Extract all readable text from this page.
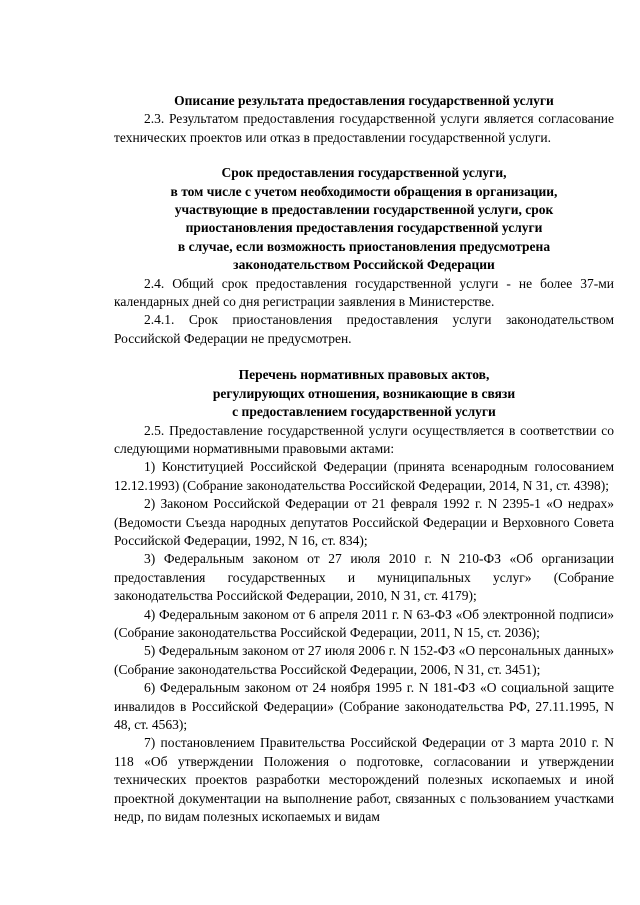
Описание результата предоставления государственной услуги

2.3. Результатом предоставления государственной услуги является согласование технических проектов или отказ в предоставлении государственной услуги.

Срок предоставления государственной услуги,
в том числе с учетом необходимости обращения в организации,
участвующие в предоставлении государственной услуги, срок
приостановления предоставления государственной услуги
в случае, если возможность приостановления предусмотрена
законодательством Российской Федерации

2.4. Общий срок предоставления государственной услуги - не более 37-ми календарных дней со дня регистрации заявления в Министерстве.

2.4.1. Срок приостановления предоставления услуги законодательством Российской Федерации не предусмотрен.

Перечень нормативных правовых актов,
регулирующих отношения, возникающие в связи
с предоставлением государственной услуги

2.5. Предоставление государственной услуги осуществляется в соответствии со следующими нормативными правовыми актами:

1) Конституцией Российской Федерации (принята всенародным голосованием 12.12.1993) (Собрание законодательства Российской Федерации, 2014, N 31, ст. 4398);

2) Законом Российской Федерации от 21 февраля 1992 г. N 2395-1 «О недрах» (Ведомости Съезда народных депутатов Российской Федерации и Верховного Совета Российской Федерации, 1992, N 16, ст. 834);

3) Федеральным законом от 27 июля 2010 г. N 210-ФЗ «Об организации предоставления государственных и муниципальных услуг» (Собрание законодательства Российской Федерации, 2010, N 31, ст. 4179);

4) Федеральным законом от 6 апреля 2011 г. N 63-ФЗ «Об электронной подписи» (Собрание законодательства Российской Федерации, 2011, N 15, ст. 2036);

5) Федеральным законом от 27 июля 2006 г. N 152-ФЗ «О персональных данных» (Собрание законодательства Российской Федерации, 2006, N 31, ст. 3451);

6) Федеральным законом от 24 ноября 1995 г. N 181-ФЗ «О социальной защите инвалидов в Российской Федерации» (Собрание законодательства РФ, 27.11.1995, N 48, ст. 4563);

7) постановлением Правительства Российской Федерации от 3 марта 2010 г. N 118 «Об утверждении Положения о подготовке, согласовании и утверждении технических проектов разработки месторождений полезных ископаемых и иной проектной документации на выполнение работ, связанных с пользованием участками недр, по видам полезных ископаемых и видам
